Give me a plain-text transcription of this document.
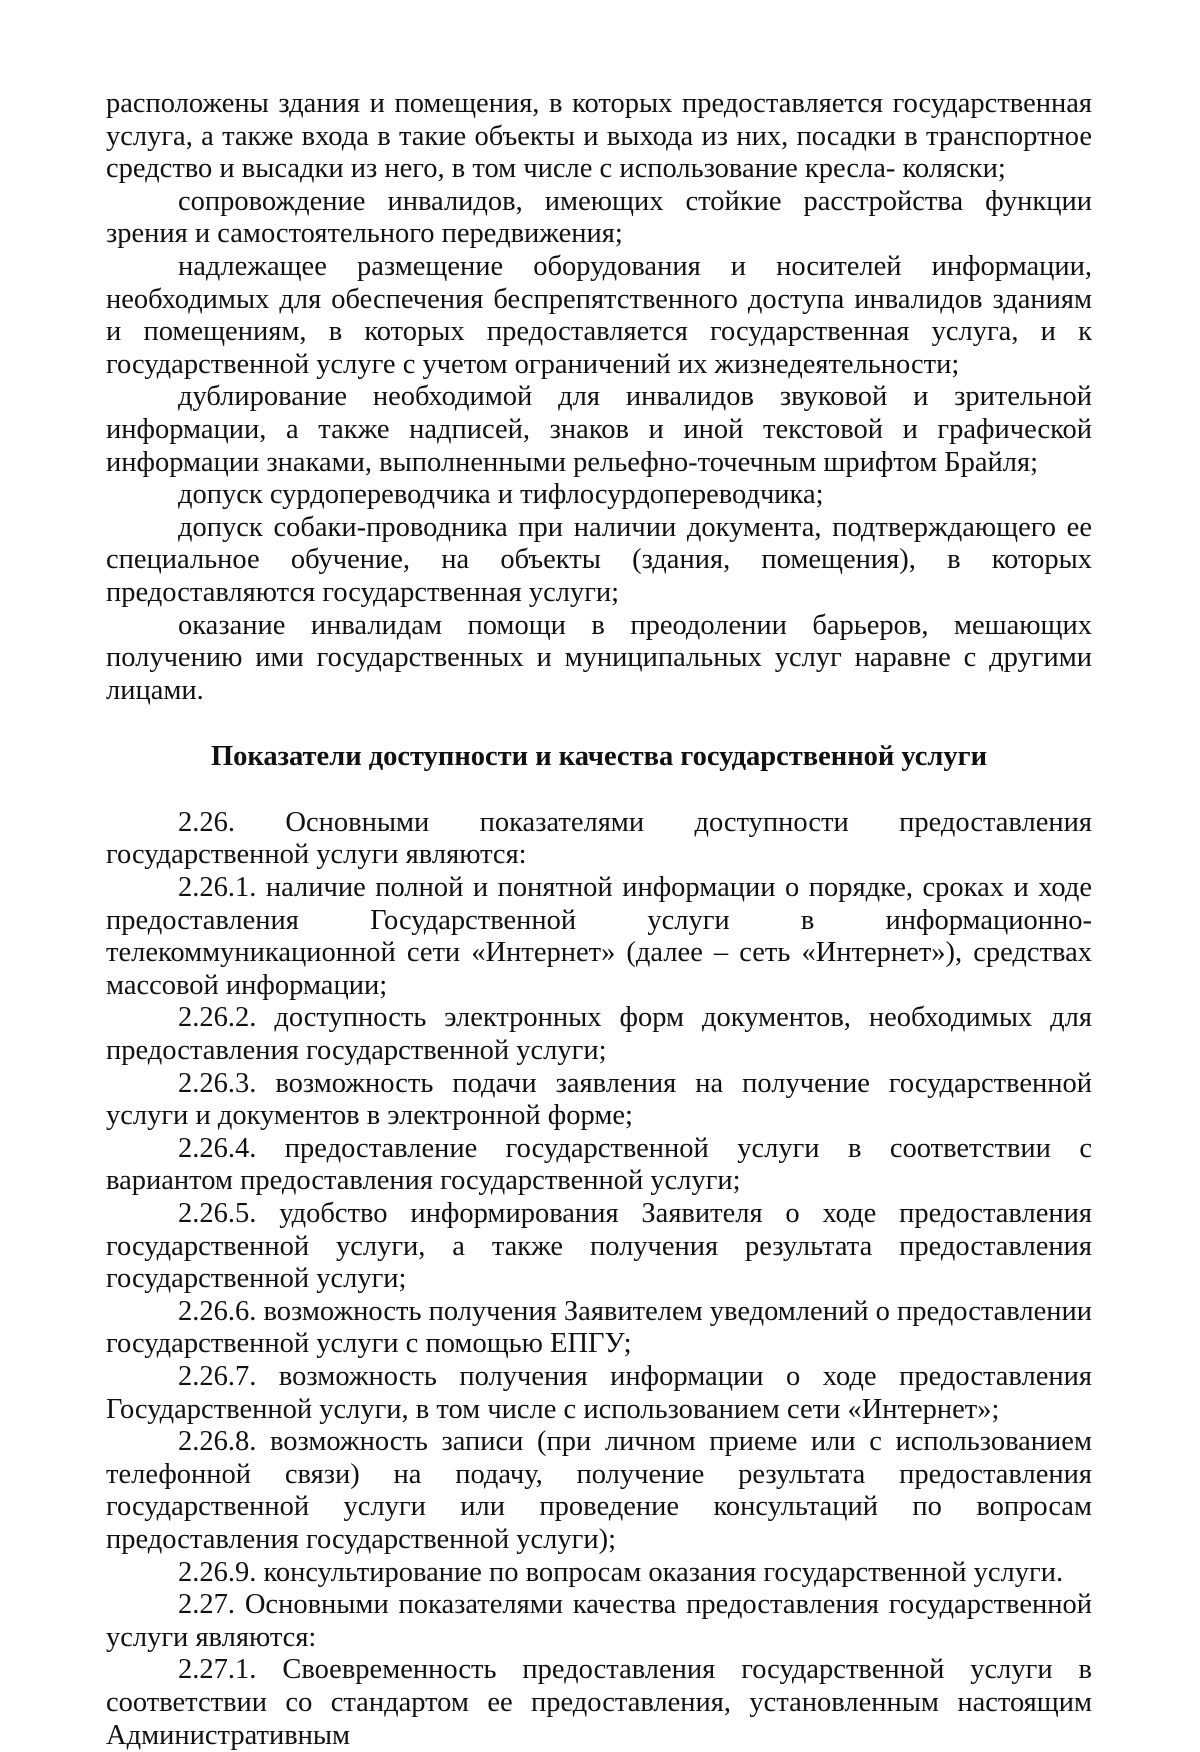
расположены здания и помещения, в которых предоставляется государственная услуга, а также входа в такие объекты и выхода из них, посадки в транспортное средство и высадки из него, в том числе с использование кресла- коляски;

сопровождение инвалидов, имеющих стойкие расстройства функции зрения и самостоятельного передвижения;

надлежащее размещение оборудования и носителей информации, необходимых для обеспечения беспрепятственного доступа инвалидов зданиям и помещениям, в которых предоставляется государственная услуга, и к государственной услуге с учетом ограничений их жизнедеятельности;

дублирование необходимой для инвалидов звуковой и зрительной информации, а также надписей, знаков и иной текстовой и графической информации знаками, выполненными рельефно-точечным шрифтом Брайля;

допуск сурдопереводчика и тифлосурдопереводчика;

допуск собаки-проводника при наличии документа, подтверждающего ее специальное обучение, на объекты (здания, помещения), в которых предоставляются государственная услуги;

оказание инвалидам помощи в преодолении барьеров, мешающих получению ими государственных и муниципальных услуг наравне с другими лицами.

Показатели доступности и качества государственной услуги

2.26. Основными показателями доступности предоставления государственной услуги являются:

2.26.1. наличие полной и понятной информации о порядке, сроках и ходе предоставления Государственной услуги в информационно-телекоммуникационной сети «Интернет» (далее – сеть «Интернет»), средствах массовой информации;

2.26.2. доступность электронных форм документов, необходимых для предоставления государственной услуги;

2.26.3. возможность подачи заявления на получение государственной услуги и документов в электронной форме;

2.26.4. предоставление государственной услуги в соответствии с вариантом предоставления государственной услуги;

2.26.5. удобство информирования Заявителя о ходе предоставления государственной услуги, а также получения результата предоставления государственной услуги;

2.26.6. возможность получения Заявителем уведомлений о предоставлении государственной услуги с помощью ЕПГУ;

2.26.7. возможность получения информации о ходе предоставления Государственной услуги, в том числе с использованием сети «Интернет»;

2.26.8. возможность записи (при личном приеме или с использованием телефонной связи) на подачу, получение результата предоставления государственной услуги или проведение консультаций по вопросам предоставления государственной услуги);

2.26.9. консультирование по вопросам оказания государственной услуги.

2.27. Основными показателями качества предоставления государственной услуги являются:

2.27.1. Своевременность предоставления государственной услуги в соответствии со стандартом ее предоставления, установленным настоящим Административным
